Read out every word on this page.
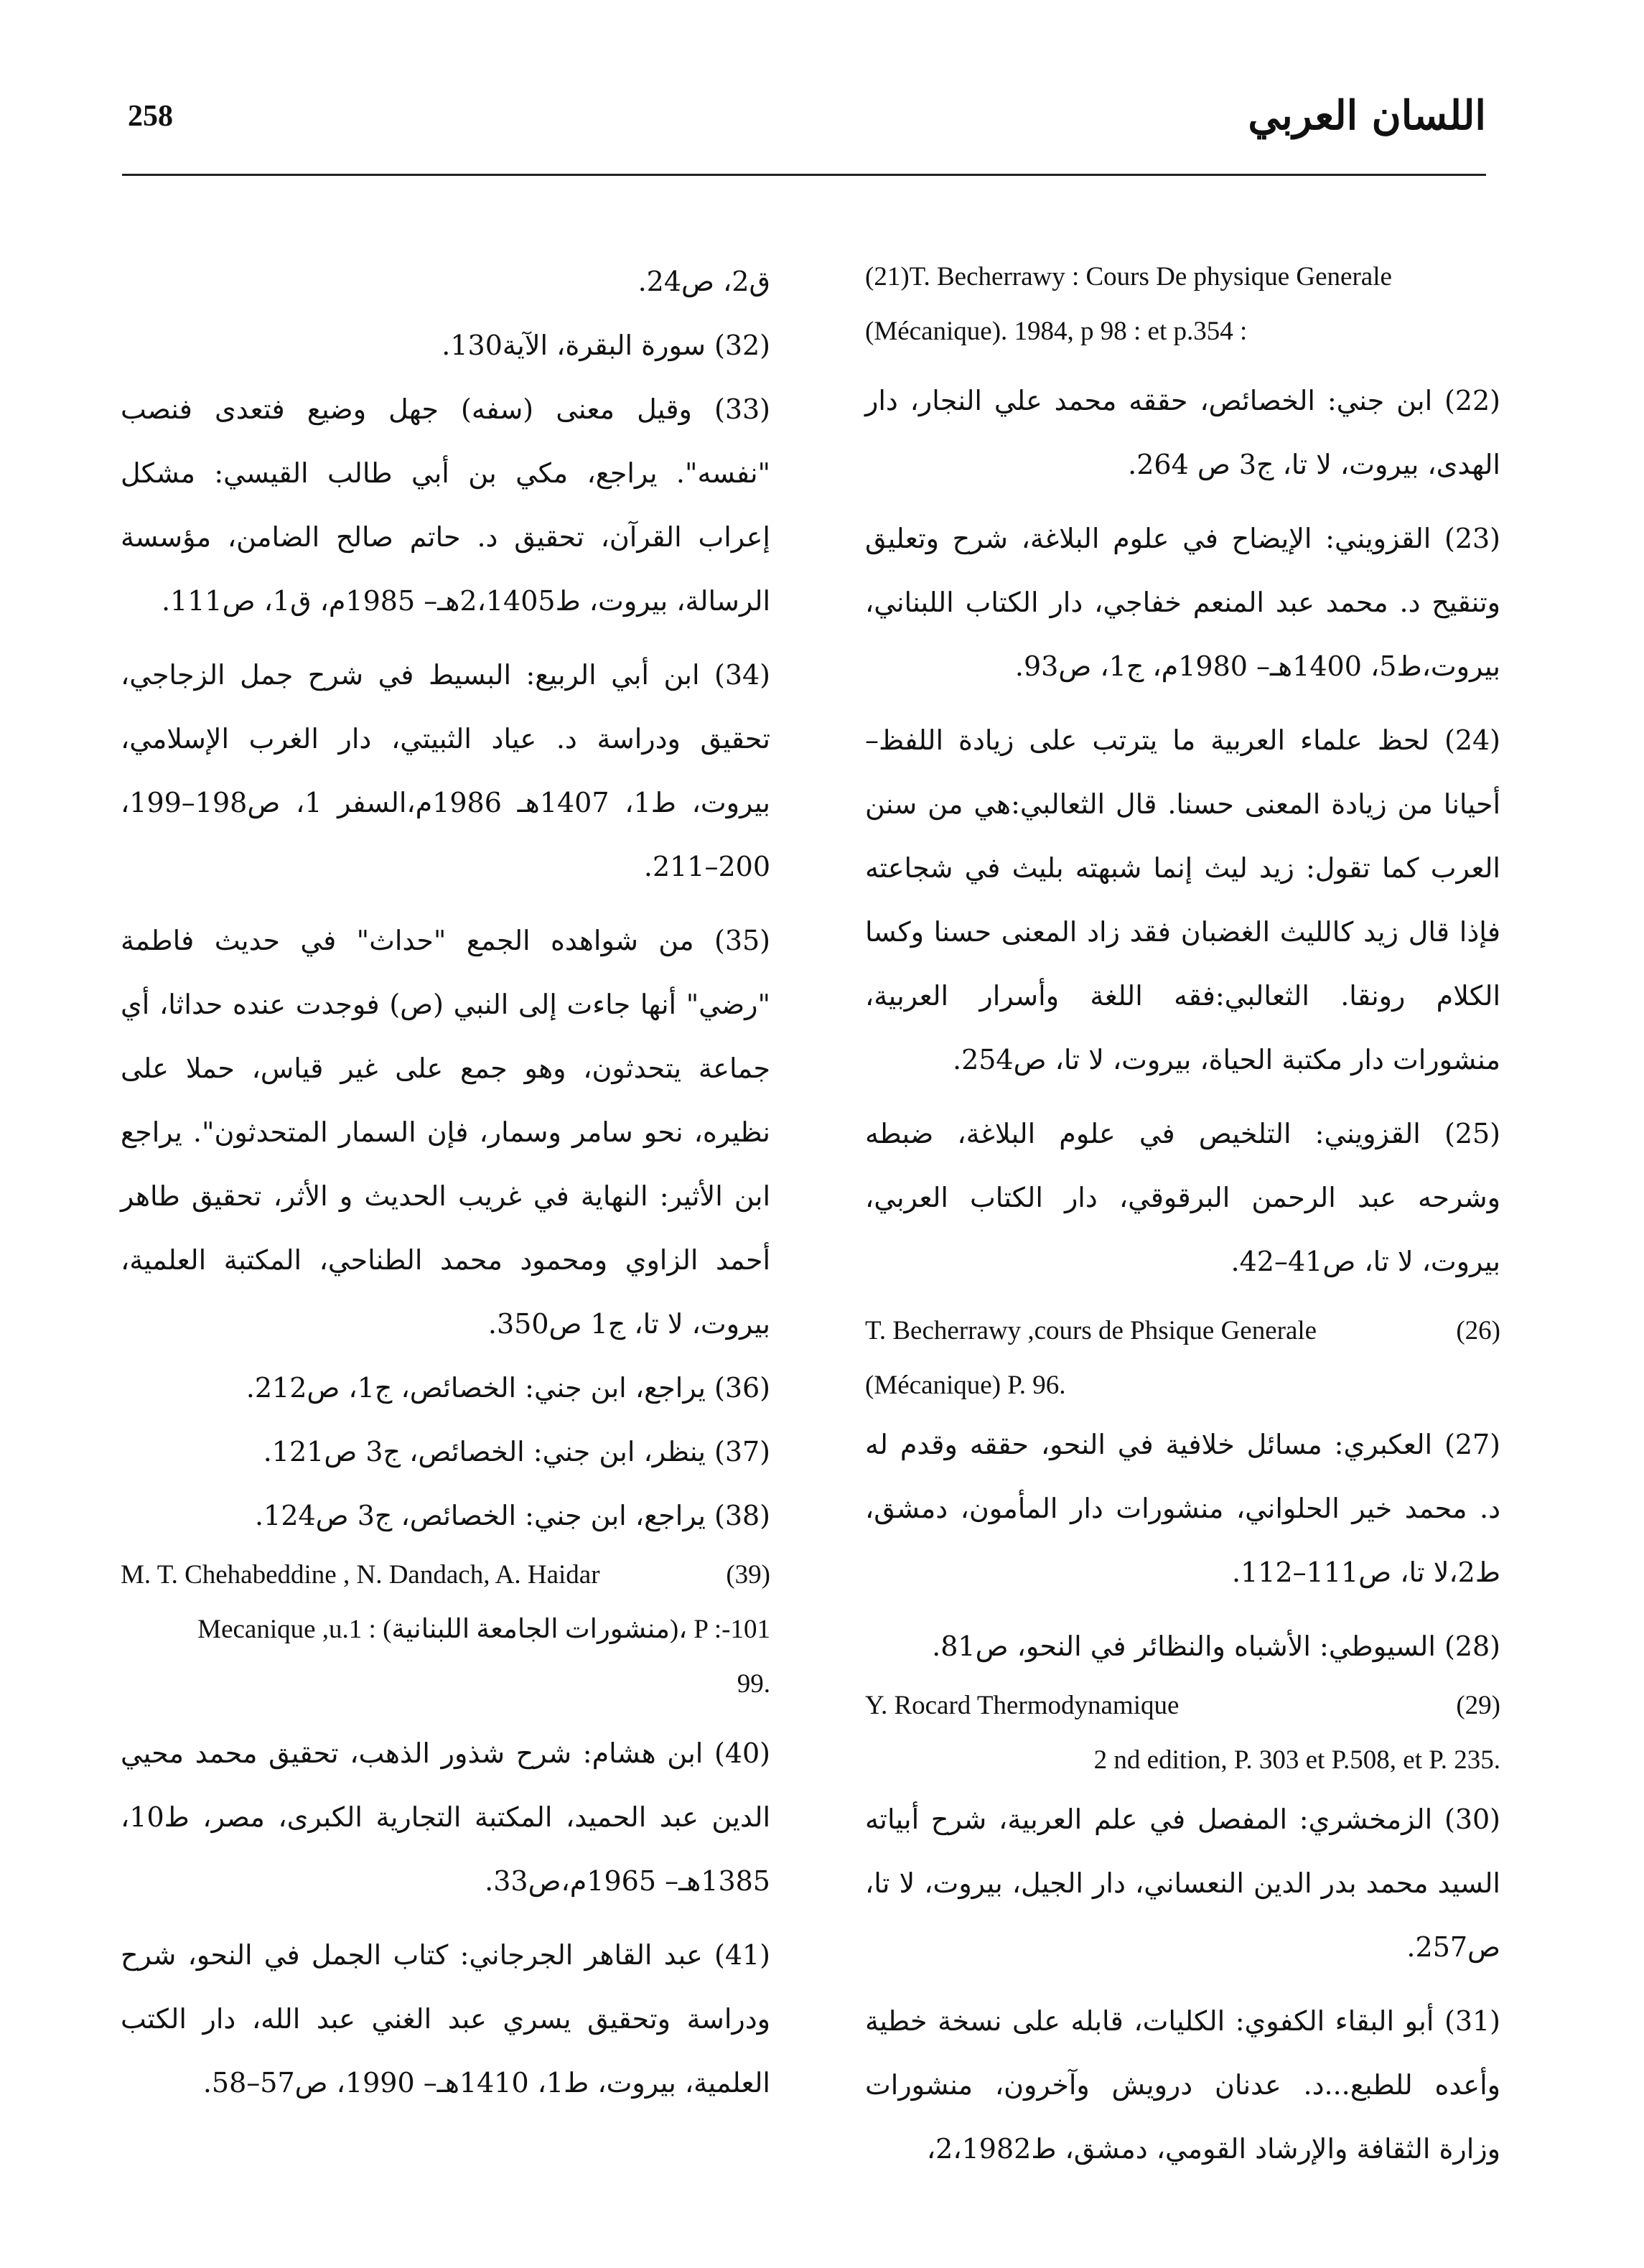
258	اللسان العربي
(21)T. Becherrawy : Cours De physique Generale
(Mécanique). 1984, p 98 : et p.354 :

(22) ابن جني: الخصائص، حققه محمد علي النجار، دار الهدى، بيروت، لا تا، ج3 ص 264.

(23) القزويني: الإيضاح في علوم البلاغة، شرح وتعليق وتنقيح د. محمد عبد المنعم خفاجي، دار الكتاب اللبناني، بيروت،ط5، 1400هـ– 1980م، ج1، ص93.

(24) لحظ علماء العربية ما يترتب على زيادة اللفظ– أحيانا من زيادة المعنى حسنا. قال الثعالبي:هي من سنن العرب كما تقول: زيد ليث إنما شبهته بليث في شجاعته فإذا قال زيد كالليث الغضبان فقد زاد المعنى حسنا وكسا الكلام رونقا. الثعالبي:فقه اللغة وأسرار العربية، منشورات دار مكتبة الحياة، بيروت، لا تا، ص254.

(25) القزويني: التلخيص في علوم البلاغة، ضبطه وشرحه عبد الرحمن البرقوقي، دار الكتاب العربي، بيروت، لا تا، ص41–42.

T. Becherrawy ,cours de Phsique Generale	(26)
(Mécanique) P. 96.

(27) العكبري: مسائل خلافية في النحو، حققه وقدم له د. محمد خير الحلواني، منشورات دار المأمون، دمشق، ط2،لا تا، ص111–112.

(28) السيوطي: الأشباه والنظائر في النحو، ص81.

Y. Rocard Thermodynamique	(29)
2 nd edition, P. 303 et P.508, et P. 235.

(30) الزمخشري: المفصل في علم العربية، شرح أبياته السيد محمد بدر الدين النعساني، دار الجيل، بيروت، لا تا، ص257.

(31) أبو البقاء الكفوي: الكليات، قابله على نسخة خطية وأعده للطبع...د. عدنان درويش وآخرون، منشورات وزارة الثقافة والإرشاد القومي، دمشق، ط2،1982،

ق2، ص24.

(32) سورة البقرة، الآية130.

(33) وقيل معنى (سفه) جهل وضيع فتعدى فنصب "نفسه". يراجع، مكي بن أبي طالب القيسي: مشكل إعراب القرآن، تحقيق د. حاتم صالح الضامن، مؤسسة الرسالة، بيروت، ط2،1405هـ– 1985م، ق1، ص111.

(34) ابن أبي الربيع: البسيط في شرح جمل الزجاجي، تحقيق ودراسة د. عياد الثبيتي، دار الغرب الإسلامي، بيروت، ط1، 1407هـ 1986م،السفر 1، ص198–199، 200–211.

(35) من شواهده الجمع "حداث" في حديث فاطمة "رضي" أنها جاءت إلى النبي (ص) فوجدت عنده حداثا، أي جماعة يتحدثون، وهو جمع على غير قياس، حملا على نظيره، نحو سامر وسمار، فإن السمار المتحدثون". يراجع ابن الأثير: النهاية في غريب الحديث و الأثر، تحقيق طاهر أحمد الزاوي ومحمود محمد الطناحي، المكتبة العلمية، بيروت، لا تا، ج1 ص350.

(36) يراجع، ابن جني: الخصائص، ج1، ص212.

(37) ينظر، ابن جني: الخصائص، ج3 ص121.

(38) يراجع، ابن جني: الخصائص، ج3 ص124.

M. T. Chehabeddine , N. Dandach, A. Haidar	(39)
Mecanique ,u.1 : (منشورات الجامعة اللبنانية)، P :-101
99.

(40) ابن هشام: شرح شذور الذهب، تحقيق محمد محيي الدين عبد الحميد، المكتبة التجارية الكبرى، مصر، ط10، 1385هـ– 1965م،ص33.

(41) عبد القاهر الجرجاني: كتاب الجمل في النحو، شرح ودراسة وتحقيق يسري عبد الغني عبد الله، دار الكتب العلمية، بيروت، ط1، 1410هـ– 1990، ص57–58.
